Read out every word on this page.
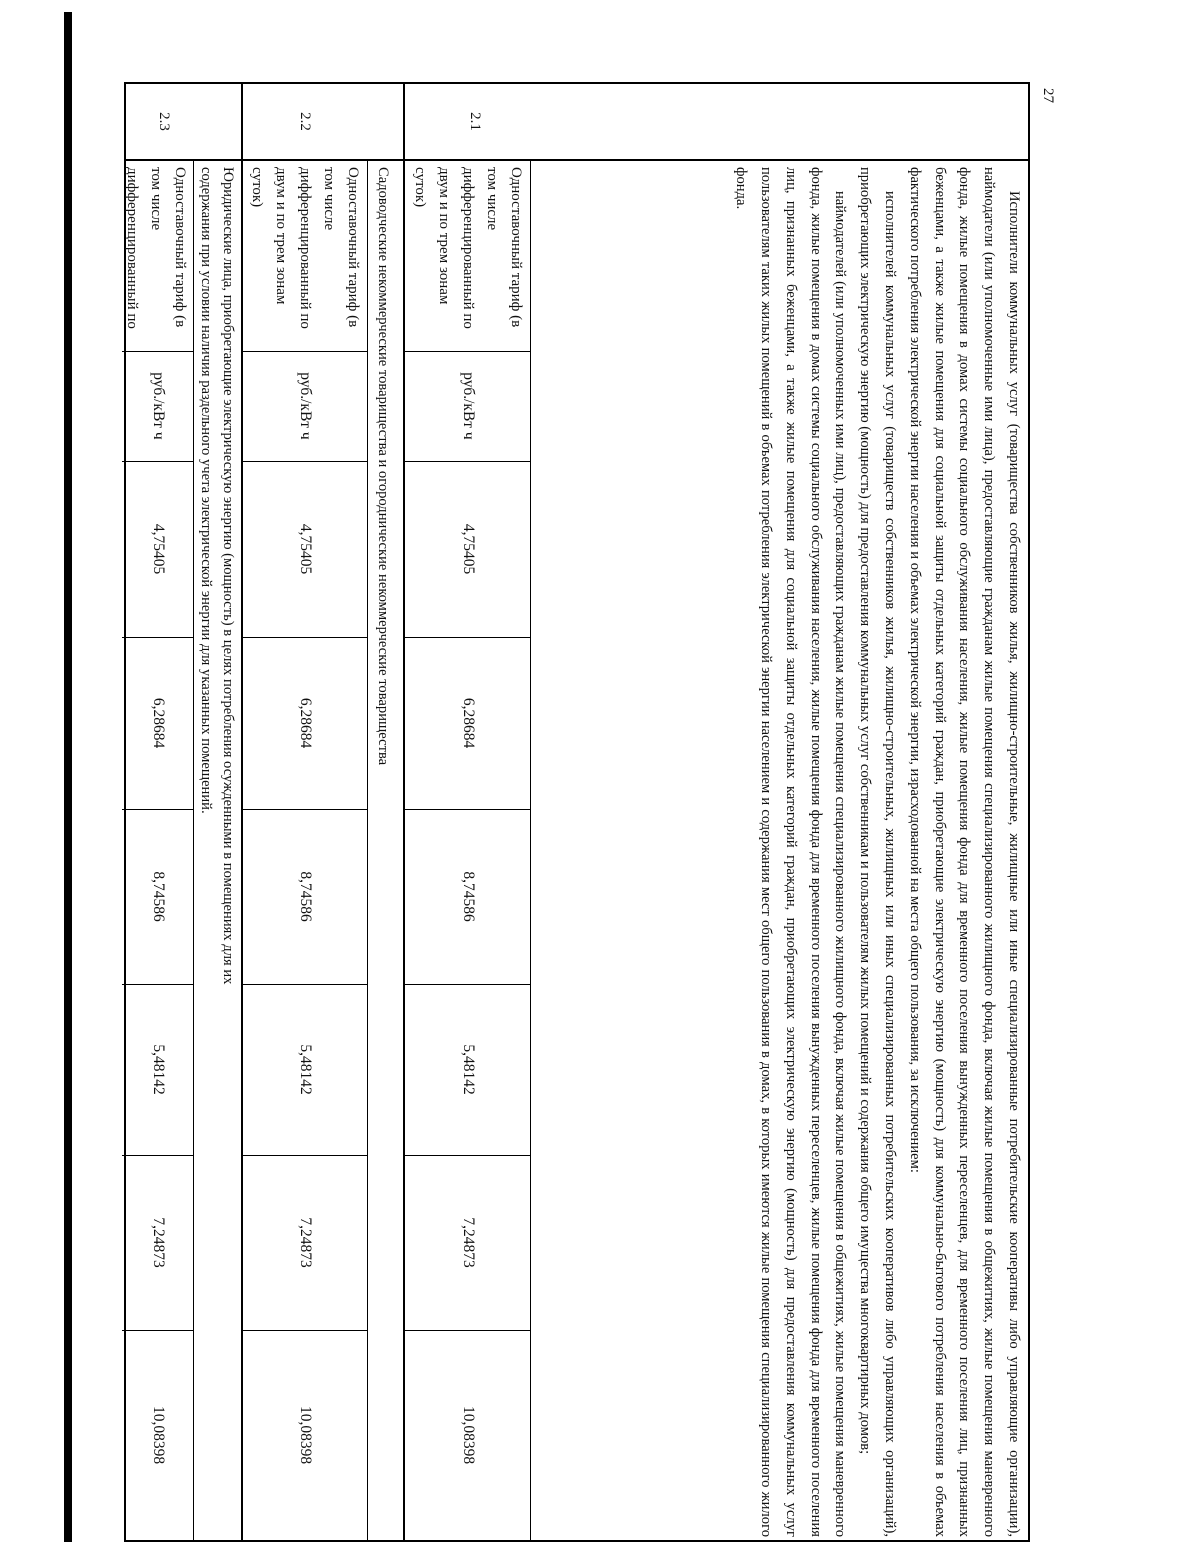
27
2.1
2.2
2.3

Исполнители коммунальных услуг (товарищества собственников жилья, жилищно-строительные, жилищные или иные специализированные потребительские кооперативы либо управляющие организации), наймодатели (или уполномоченные ими лица), предоставляющие гражданам жилые помещения специализированного жилищного фонда, включая жилые помещения в общежитиях, жилые помещения маневренного фонда, жилые помещения в домах системы социального обслуживания населения, жилые помещения фонда для временного поселения вынужденных переселенцев, для временного поселения лиц, признанных беженцами, а также жилые помещения для социальной защиты отдельных категорий граждан, приобретающие электрическую энергию (мощность) для коммунально-бытового потребления населения в объемах фактического потребления электрической энергии населения и объемах электрической энергии, израсходованной на места общего пользования, за исключением:

исполнителей коммунальных услуг (товариществ собственников жилья, жилищно-строительных, жилищных или иных специализированных потребительских кооперативов либо управляющих организаций), приобретающих электрическую энергию (мощность) для предоставления коммунальных услуг собственникам и пользователям жилых помещений и содержания общего имущества многоквартирных домов;

наймодателей (или уполномоченных ими лиц), предоставляющих гражданам жилые помещения специализированного жилищного фонда, включая жилые помещения в общежитиях, жилые помещения маневренного фонда, жилые помещения в домах системы социального обслуживания населения, жилые помещения фонда для временного поселения вынужденных переселенцев, жилые помещения фонда для временного поселения лиц, признанных беженцами, а также жилые помещения для социальной защиты отдельных категорий граждан, приобретающих электрическую энергию (мощность) для предоставления коммунальных услуг пользователям таких жилых помещений в объемах потребления электрической энергии населением и содержания мест общего пользования в домах, в которых имеются жилые помещения специализированного жилого фонда.

Одноставочный тариф (в том числе дифференцированный по двум и по трем зонам суток)
руб./кВт ч
4,75405
6,28684
8,74586
5,48142
7,24873
10,08398
Садоводческие некоммерческие товарищества и огороднические некоммерческие товарищества
Одноставочный тариф (в том числе дифференцированный по двум и по трем зонам суток)
руб./кВт ч
4,75405
6,28684
8,74586
5,48142
7,24873
10,08398
Юридические лица, приобретающие электрическую энергию (мощность) в целях потребления осужденными в помещениях для их
содержания при условии наличия раздельного учета электрической энергии для указанных помещений.
Одноставочный тариф (в том числе дифференцированный по
руб./кВт ч
4,75405
6,28684
8,74586
5,48142
7,24873
10,08398
